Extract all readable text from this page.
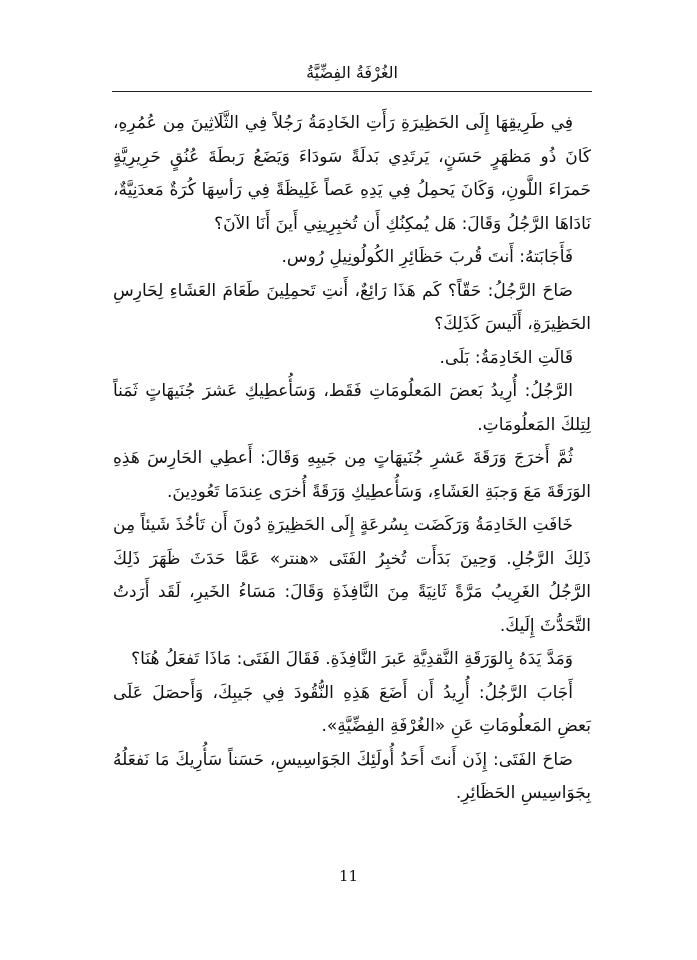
الغُرْفَةُ الفِضِّيَّةُ

فِي طَرِيقِهَا إِلَى الحَظِيرَةِ رَأَتِ الخَادِمَةُ رَجُلاً فِي الثَّلَاثِينَ مِن عُمُرِهِ، كَانَ ذُو مَظهَرٍ حَسَنٍ، يَرتَدِي بَدلَةً سَودَاءَ وَيَضَعُ رَبطَةَ عُنُقٍ حَرِيرِيَّةٍ حَمرَاءَ اللَّونِ، وَكَانَ يَحمِلُ فِي يَدِهِ عَصاً غَلِيظَةً فِي رَأسِهَا كُرَةٌ مَعدَنِيَّةٌ، نَادَاهَا الرَّجُلُ وَقَالَ: هَل يُمكِنُكِ أَن تُخبِرِينِي أَينَ أَنَا الآنَ؟

فَأَجَابَتهُ: أَنتَ قُربَ حَظَائِرِ الكُولُونِيلِ رُوس.

صَاحَ الرَّجُلُ: حَقّاً؟ كَم هَذَا رَائِعٌ، أَنتِ تَحمِلِينَ طَعَامَ العَشَاءِ لِحَارِسِ الحَظِيرَةِ، أَلَيسَ كَذَلِكَ؟

قَالَتِ الخَادِمَةُ: بَلَى.

الرَّجُلُ: أُرِيدُ بَعضَ المَعلُومَاتِ فَقَط، وَسَأُعطِيكِ عَشرَ جُنَيهَاتٍ ثَمَناً لِتِلكَ المَعلُومَاتِ.

ثُمَّ أَخرَجَ وَرَقَةَ عَشرِ جُنَيهَاتٍ مِن جَيبِهِ وَقَالَ: أَعطِي الحَارِسَ هَذِهِ الوَرَقَةَ مَعَ وَجبَةِ العَشَاءِ، وَسَأُعطِيكِ وَرَقَةً أُخرَى عِندَمَا تَعُودِينَ.

خَافَتِ الخَادِمَةُ وَرَكَضَت بِسُرعَةٍ إِلَى الحَظِيرَةِ دُونَ أَن تَأخُذَ شَيئاً مِن ذَلِكَ الرَّجُلِ. وَحِينَ بَدَأَت تُخبِرُ الفَتَى «هنتر» عَمَّا حَدَثَ ظَهَرَ ذَلِكَ الرَّجُلُ الغَرِيبُ مَرَّةً ثَانِيَةً مِنَ النَّافِذَةِ وَقَالَ: مَسَاءُ الخَيرِ، لَقَد أَرَدتُ التَّحَدُّثَ إِلَيكَ.

وَمَدَّ يَدَهُ بِالوَرَقَةِ النَّقدِيَّةِ عَبرَ النَّافِذَةِ. فَقَالَ الفَتَى: مَاذَا تَفعَلُ هُنَا؟

أَجَابَ الرَّجُلُ: أُرِيدُ أَن أَضَعَ هَذِهِ النُّقُودَ فِي جَيبِكَ، وَأَحصَلَ عَلَى بَعضِ المَعلُومَاتِ عَنِ «الغُرْفَةِ الفِضِّيَّةِ».

صَاحَ الفَتَى: إِذَن أَنتَ أَحَدُ أُولَئِكَ الجَوَاسِيسِ، حَسَناً سَأُرِيكَ مَا نَفعَلُهُ بِجَوَاسِيسِ الحَظَائِرِ.

11
